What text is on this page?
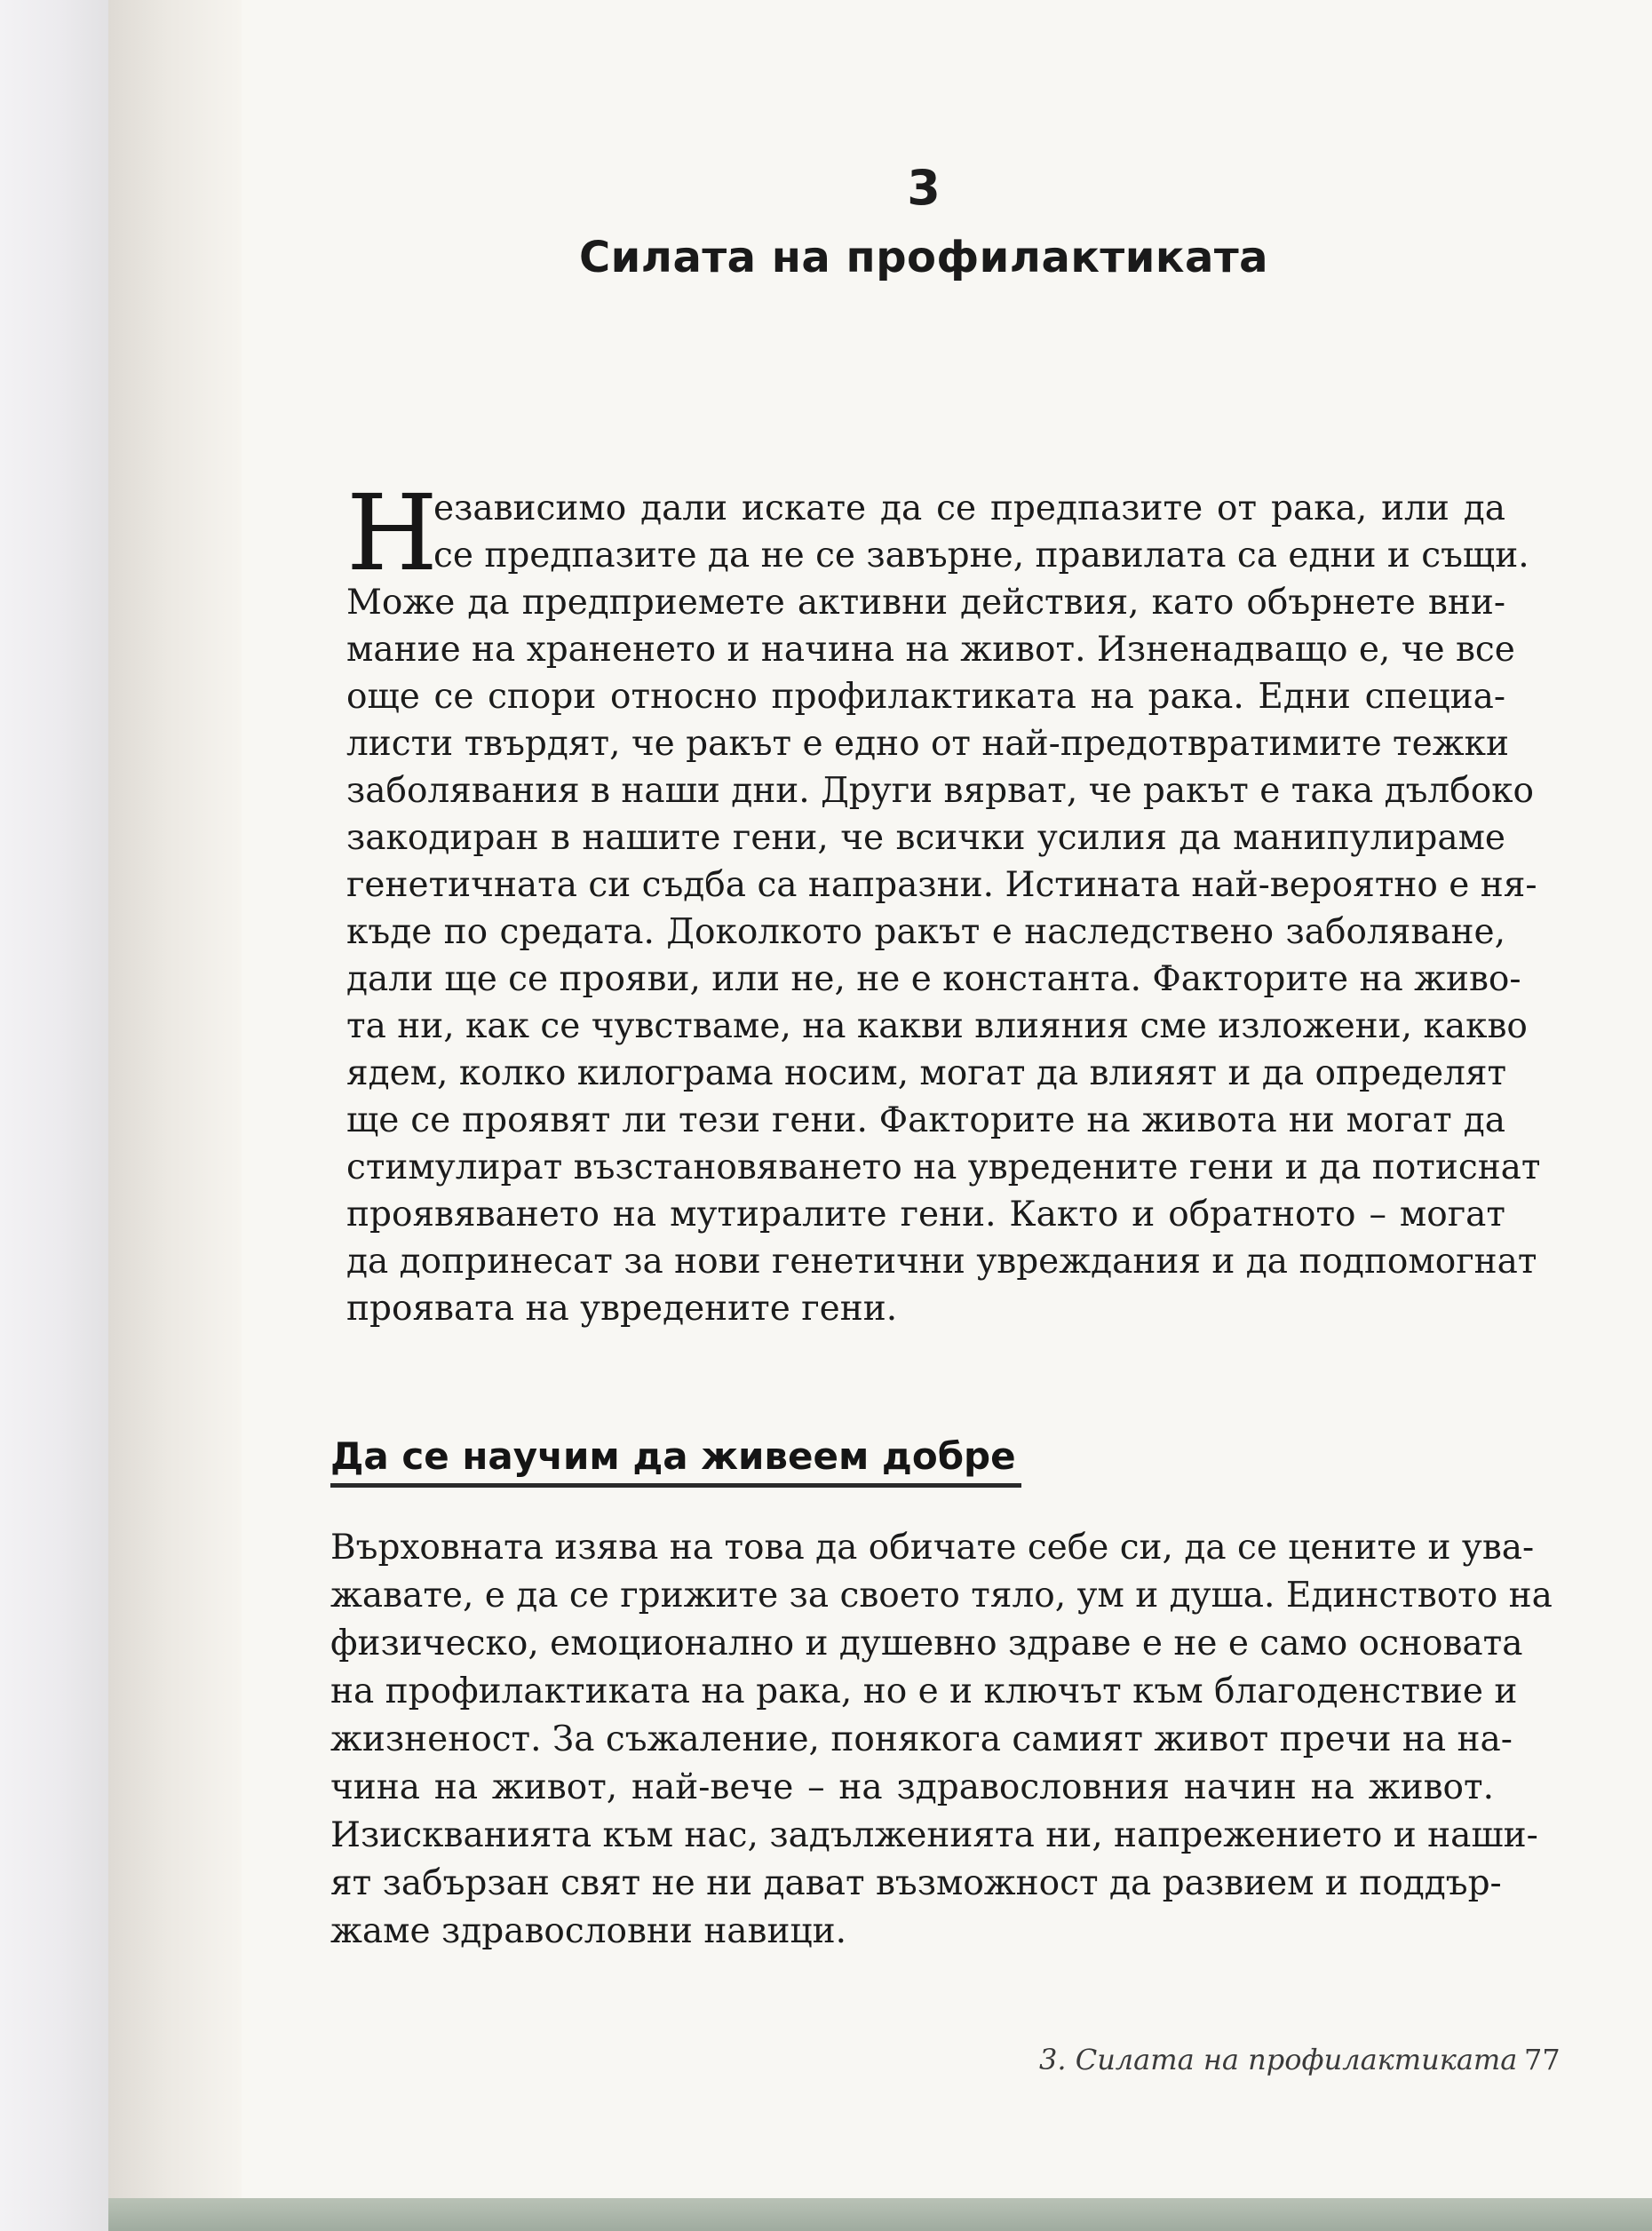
3
Силата на профилактиката
Н
езависимо дали искате да се предпазите от рака, или да
се предпазите да не се завърне, правилата са едни и същи.
Може да предприемете активни действия, като обърнете вни-
мание на храненето и начина на живот. Изненадващо е, че все
още се спори относно профилактиката на рака. Едни специа-
листи твърдят, че ракът е едно от най-предотвратимите тежки
заболявания в наши дни. Други вярват, че ракът е така дълбоко
закодиран в нашите гени, че всички усилия да манипулираме
генетичната си съдба са напразни. Истината най-вероятно е ня-
къде по средата. Доколкото ракът е наследствено заболяване,
дали ще се прояви, или не, не е константа. Факторите на живо-
та ни, как се чувстваме, на какви влияния сме изложени, какво
ядем, колко килограма носим, могат да влияят и да определят
ще се проявят ли тези гени. Факторите на живота ни могат да
стимулират възстановяването на увредените гени и да потиснат
проявяването на мутиралите гени. Както и обратното – могат
да допринесат за нови генетични увреждания и да подпомогнат
проявата на увредените гени.
Да се научим да живеем добре
Върховната изява на това да обичате себе си, да се цените и ува-
жавате, е да се грижите за своето тяло, ум и душа. Единството на
физическо, емоционално и душевно здраве е не е само основата
на профилактиката на рака, но е и ключът към благоденствие и
жизненост. За съжаление, понякога самият живот пречи на на-
чина на живот, най-вече – на здравословния начин на живот.
Изискванията към нас, задълженията ни, напрежението и наши-
ят забързан свят не ни дават възможност да развием и поддър-
жаме здравословни навици.
3. Силата на профилактиката 77
